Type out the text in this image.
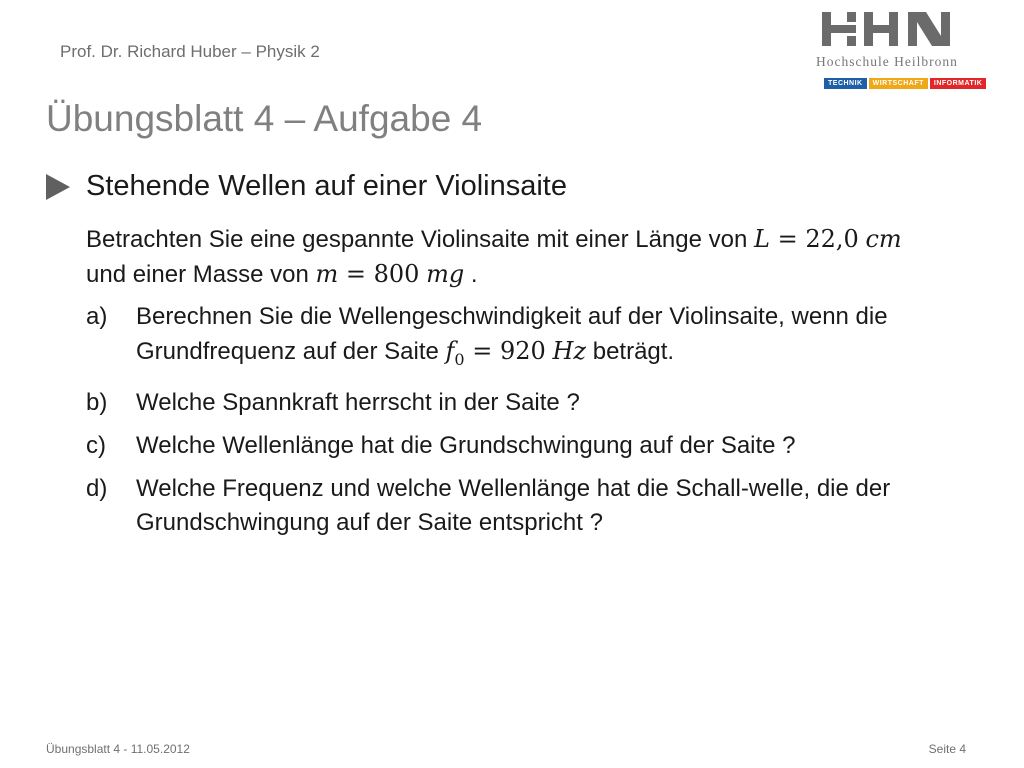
Prof. Dr. Richard Huber – Physik 2
Hochschule Heilbronn
TECHNIK	WIRTSCHAFT	INFORMATIK
Übungsblatt 4 – Aufgabe 4
Stehende Wellen auf einer Violinsaite
Betrachten Sie eine gespannte Violinsaite mit einer Länge von L = 22,0 cm und einer Masse von m = 800 mg .
a)	Berechnen Sie die Wellengeschwindigkeit auf der Violinsaite, wenn die Grundfrequenz auf der Saite $f_0 = 920$ Hz beträgt.
b)	Welche Spannkraft herrscht in der Saite ?
c)	Welche Wellenlänge hat die Grundschwingung auf der Saite ?
d)	Welche Frequenz und welche Wellenlänge hat die Schall-welle, die der Grundschwingung auf der Saite entspricht ?
Übungsblatt 4 - 11.05.2012	Seite 4
